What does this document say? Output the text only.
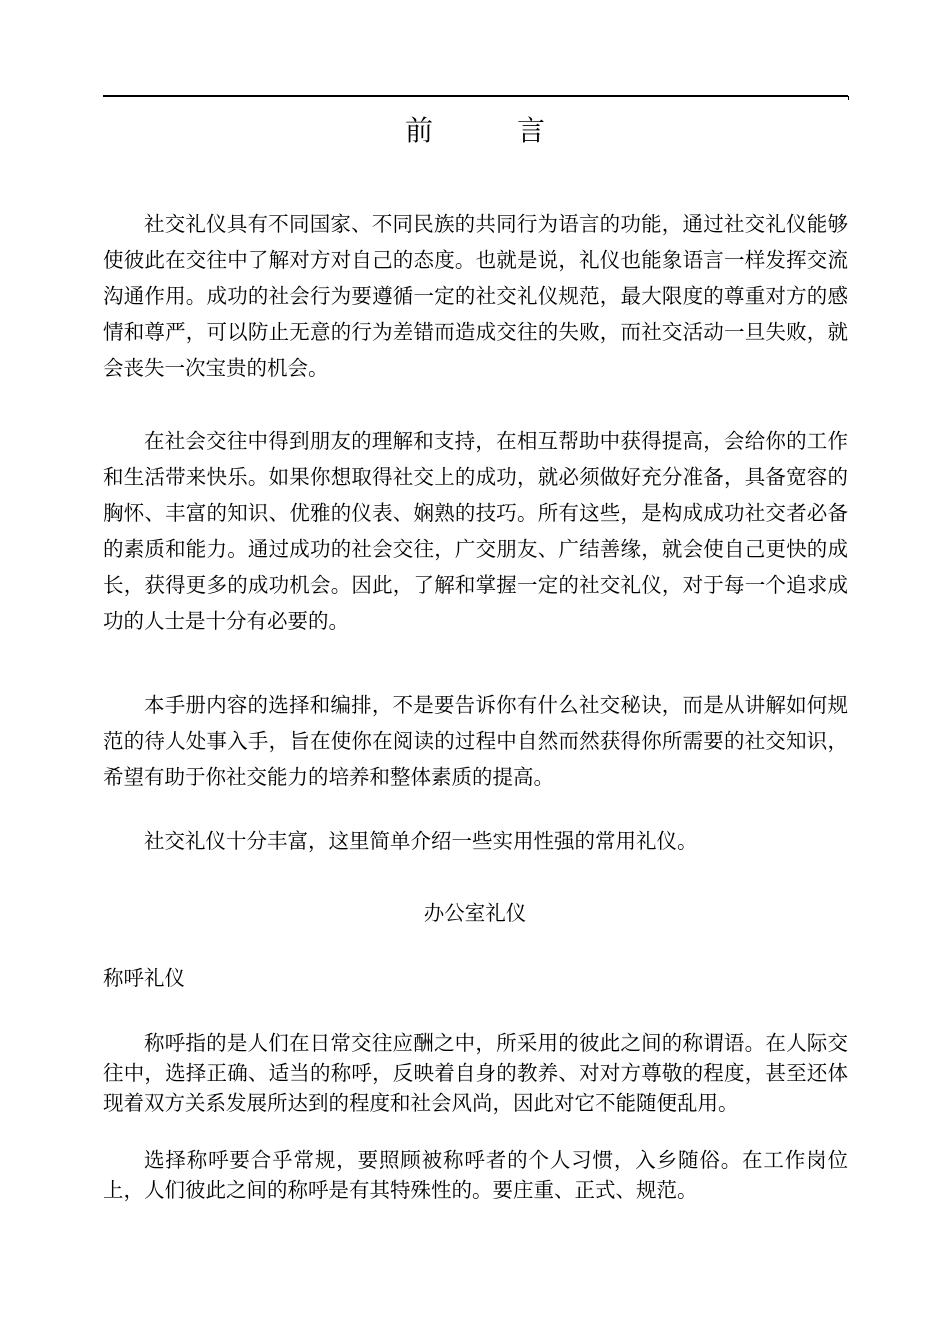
前言

社交礼仪具有不同国家、不同民族的共同行为语言的功能，通过社交礼仪能够使彼此在交往中了解对方对自己的态度。也就是说，礼仪也能象语言一样发挥交流沟通作用。成功的社会行为要遵循一定的社交礼仪规范，最大限度的尊重对方的感情和尊严，可以防止无意的行为差错而造成交往的失败，而社交活动一旦失败，就会丧失一次宝贵的机会。

在社会交往中得到朋友的理解和支持，在相互帮助中获得提高，会给你的工作和生活带来快乐。如果你想取得社交上的成功，就必须做好充分准备，具备宽容的胸怀、丰富的知识、优雅的仪表、娴熟的技巧。所有这些，是构成成功社交者必备的素质和能力。通过成功的社会交往，广交朋友、广结善缘，就会使自己更快的成长，获得更多的成功机会。因此，了解和掌握一定的社交礼仪，对于每一个追求成功的人士是十分有必要的。

本手册内容的选择和编排，不是要告诉你有什么社交秘诀，而是从讲解如何规范的待人处事入手，旨在使你在阅读的过程中自然而然获得你所需要的社交知识，希望有助于你社交能力的培养和整体素质的提高。

社交礼仪十分丰富，这里简单介绍一些实用性强的常用礼仪。

办公室礼仪
称呼礼仪

称呼指的是人们在日常交往应酬之中，所采用的彼此之间的称谓语。在人际交往中，选择正确、适当的称呼，反映着自身的教养、对对方尊敬的程度，甚至还体现着双方关系发展所达到的程度和社会风尚，因此对它不能随便乱用。

选择称呼要合乎常规，要照顾被称呼者的个人习惯，入乡随俗。在工作岗位上，人们彼此之间的称呼是有其特殊性的。要庄重、正式、规范。
